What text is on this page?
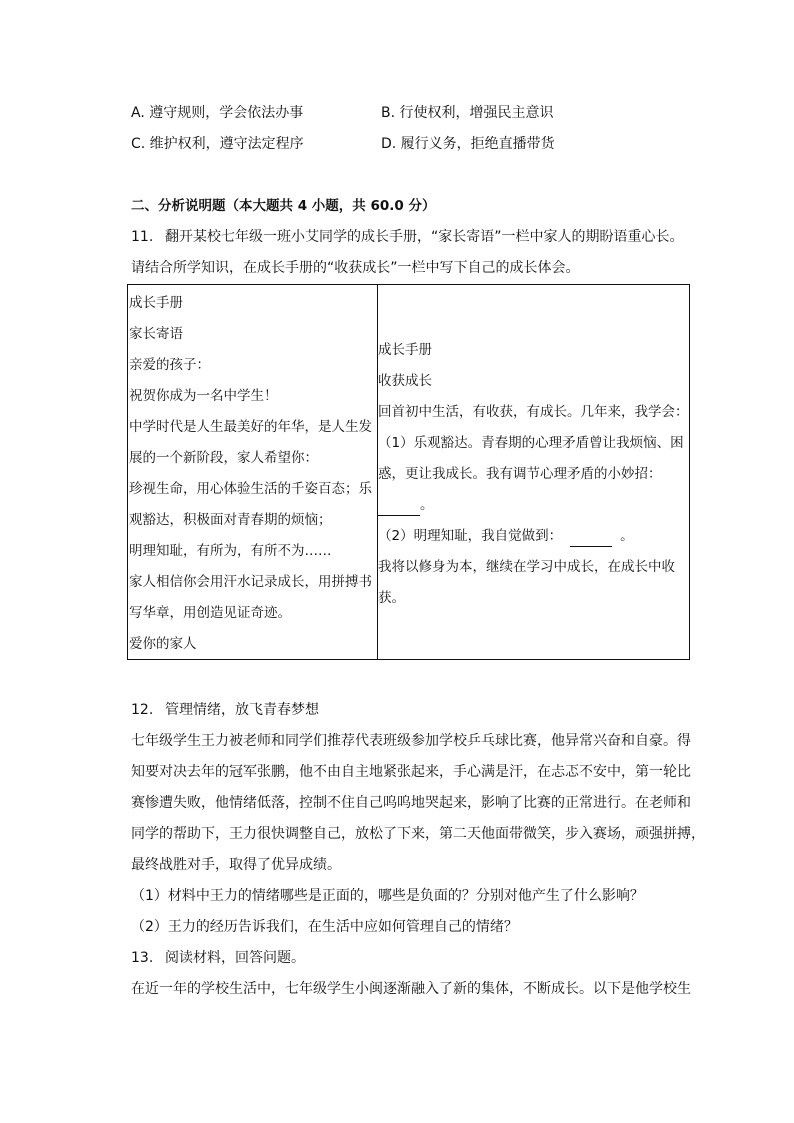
A. 遵守规则，学会依法办事	B. 行使权利，增强民主意识
C. 维护权利，遵守法定程序	D. 履行义务，拒绝直播带货
二、分析说明题（本大题共 4 小题，共 60.0 分）
11. 翻开某校七年级一班小艾同学的成长手册，“家长寄语”一栏中家人的期盼语重心长。
请结合所学知识，在成长手册的“收获成长”一栏中写下自己的成长体会。
成长手册
家长寄语
亲爱的孩子：
祝贺你成为一名中学生！
中学时代是人生最美好的年华，是人生发
展的一个新阶段，家人希望你：
珍视生命，用心体验生活的千姿百态；乐
观豁达，积极面对青春期的烦恼；
明理知耻，有所为，有所不为……
家人相信你会用汗水记录成长，用拼搏书
写华章，用创造见证奇迹。
爱你的家人
成长手册
收获成长
回首初中生活，有收获，有成长。几年来，我学会：
（1）乐观豁达。青春期的心理矛盾曾让我烦恼、困
惑，更让我成长。我有调节心理矛盾的小妙招：
。
（2）明理知耻，我自觉做到：	。
我将以修身为本，继续在学习中成长，在成长中收
获。
12. 管理情绪，放飞青春梦想
七年级学生王力被老师和同学们推荐代表班级参加学校乒乓球比赛，他异常兴奋和自豪。得
知要对决去年的冠军张鹏，他不由自主地紧张起来，手心满是汗，在忐忑不安中，第一轮比
赛惨遭失败，他情绪低落，控制不住自己呜呜地哭起来，影响了比赛的正常进行。在老师和
同学的帮助下，王力很快调整自己，放松了下来，第二天他面带微笑，步入赛场，顽强拼搏，
最终战胜对手，取得了优异成绩。
（1）材料中王力的情绪哪些是正面的，哪些是负面的？分别对他产生了什么影响？
（2）王力的经历告诉我们，在生活中应如何管理自己的情绪？
13. 阅读材料，回答问题。
在近一年的学校生活中，七年级学生小闽逐渐融入了新的集体，不断成长。以下是他学校生
